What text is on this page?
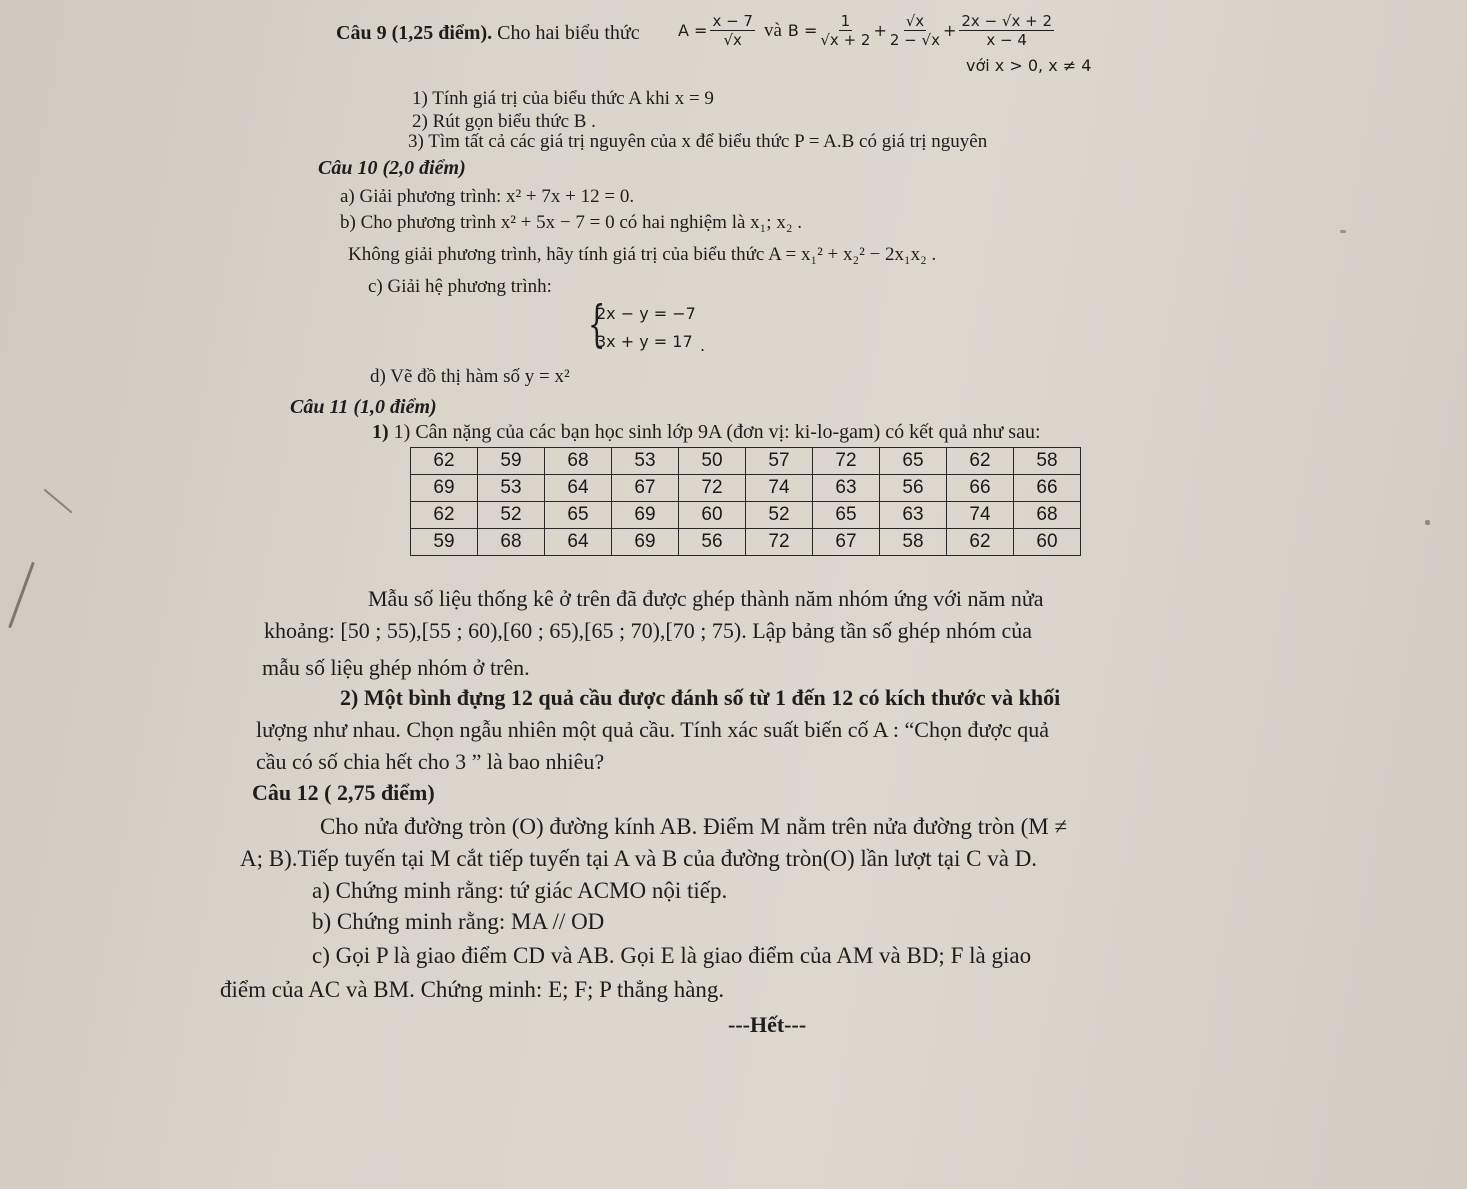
Câu 9 (1,25 điểm). Cho hai biểu thức $A = \frac{x - 7}{√x}$ và $B = \frac{1}{√x + 2} + \frac{√x}{2 - √x} + \frac{2x - √x + 2}{x - 4}$
với x > 0, x ≠ 4
1) Tính giá trị của biểu thức A khi x = 9
2) Rút gọn biểu thức B .
3) Tìm tất cả các giá trị nguyên của x để biểu thức P = A.B có giá trị nguyên
Câu 10 (2,0 điểm)
a) Giải phương trình: x² + 7x + 12 = 0.
b) Cho phương trình x² + 5x − 7 = 0 có hai nghiệm là x₁; x₂ .
Không giải phương trình, hãy tính giá trị của biểu thức A = x₁² + x₂² − 2x₁x₂ .
c) Giải hệ phương trình:
{
2x − y = −7
3x + y = 17 .
d) Vẽ đồ thị hàm số y = x²
Câu 11 (1,0 điểm)
1) 1) Cân nặng của các bạn học sinh lớp 9A (đơn vị: ki-lo-gam) có kết quả như sau:
62	59	68	53	50	57	72	65	62	58
69	53	64	67	72	74	63	56	66	66
62	52	65	69	60	52	65	63	74	68
59	68	64	69	56	72	67	58	62	60
Mẫu số liệu thống kê ở trên đã được ghép thành năm nhóm ứng với năm nửa
khoảng: [50 ; 55),[55 ; 60),[60 ; 65),[65 ; 70),[70 ; 75). Lập bảng tần số ghép nhóm của
mẫu số liệu ghép nhóm ở trên.
2) Một bình đựng 12 quả cầu được đánh số từ 1 đến 12 có kích thước và khối
lượng như nhau. Chọn ngẫu nhiên một quả cầu. Tính xác suất biến cố A : “Chọn được quả
cầu có số chia hết cho 3 ” là bao nhiêu?
Câu 12 ( 2,75 điểm)
Cho nửa đường tròn (O) đường kính AB. Điểm M nằm trên nửa đường tròn (M ≠
A; B).Tiếp tuyến tại M cắt tiếp tuyến tại A và B của đường tròn(O) lần lượt tại C và D.
a) Chứng minh rằng: tứ giác ACMO nội tiếp.
b) Chứng minh rằng: MA // OD
c) Gọi P là giao điểm CD và AB. Gọi E là giao điểm của AM và BD; F là giao
điểm của AC và BM. Chứng minh: E; F; P thẳng hàng.
---Hết---
